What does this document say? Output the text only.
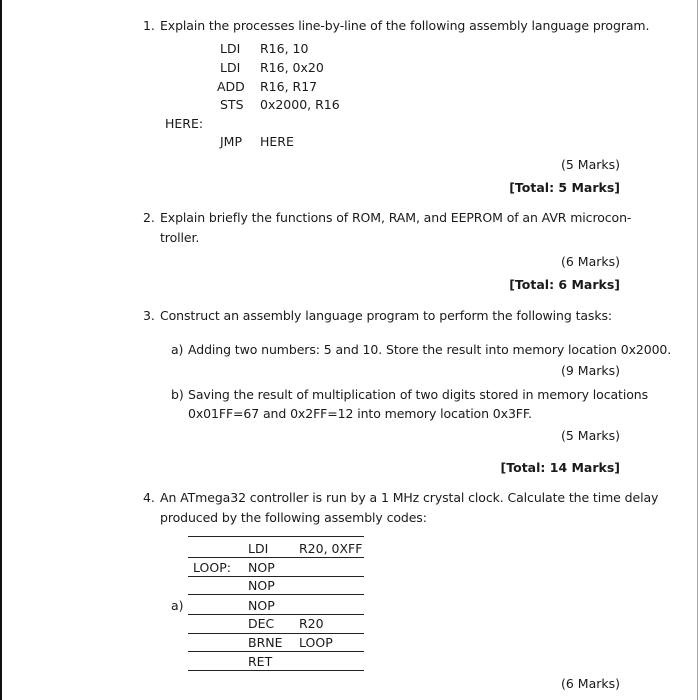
1. Explain the processes line-by-line of the following assembly language program.
LDI R16, 10
LDI R16, 0x20
ADD R16, R17
STS 0x2000, R16
HERE:
JMP HERE
(5 Marks)
[Total: 5 Marks]
2. Explain briefly the functions of ROM, RAM, and EEPROM of an AVR microcon-
troller.
(6 Marks)
[Total: 6 Marks]
3. Construct an assembly language program to perform the following tasks:
a) Adding two numbers: 5 and 10. Store the result into memory location 0x2000.
(9 Marks)
b) Saving the result of multiplication of two digits stored in memory locations
0x01FF=67 and 0x2FF=12 into memory location 0x3FF.
(5 Marks)
[Total: 14 Marks]
4. An ATmega32 controller is run by a 1 MHz crystal clock. Calculate the time delay
produced by the following assembly codes:
LDI R20, 0XFF
LOOP: NOP
NOP
a)	NOP
DEC R20
BRNE LOOP
RET
(6 Marks)
